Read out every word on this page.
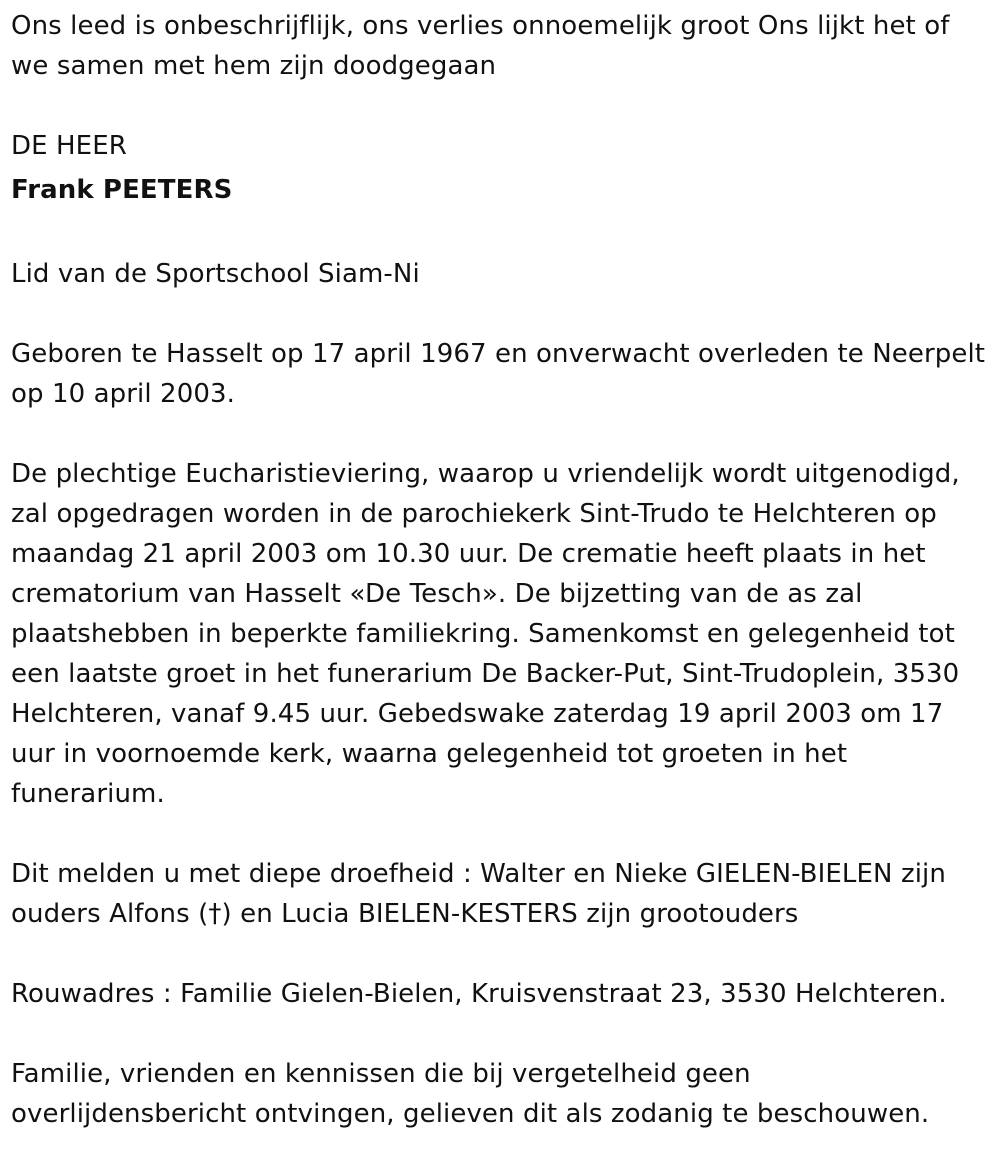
Ons leed is onbeschrijflijk, ons verlies onnoemelijk groot Ons lijkt het of we samen met hem zijn doodgegaan

DE HEER

Frank PEETERS

Lid van de Sportschool Siam-Ni

Geboren te Hasselt op 17 april 1967 en onverwacht overleden te Neerpelt op 10 april 2003.

De plechtige Eucharistieviering, waarop u vriendelijk wordt uitgenodigd, zal opgedragen worden in de parochiekerk Sint-Trudo te Helchteren op maandag 21 april 2003 om 10.30 uur. De crematie heeft plaats in het crematorium van Hasselt «De Tesch». De bijzetting van de as zal plaatshebben in beperkte familiekring. Samenkomst en gelegenheid tot een laatste groet in het funerarium De Backer-Put, Sint-Trudoplein, 3530 Helchteren, vanaf 9.45 uur. Gebedswake zaterdag 19 april 2003 om 17 uur in voornoemde kerk, waarna gelegenheid tot groeten in het funerarium.

Dit melden u met diepe droefheid : Walter en Nieke GIELEN-BIELEN zijn ouders Alfons (†) en Lucia BIELEN-KESTERS zijn grootouders

Rouwadres : Familie Gielen-Bielen, Kruisvenstraat 23, 3530 Helchteren.

Familie, vrienden en kennissen die bij vergetelheid geen overlijdensbericht ontvingen, gelieven dit als zodanig te beschouwen.
